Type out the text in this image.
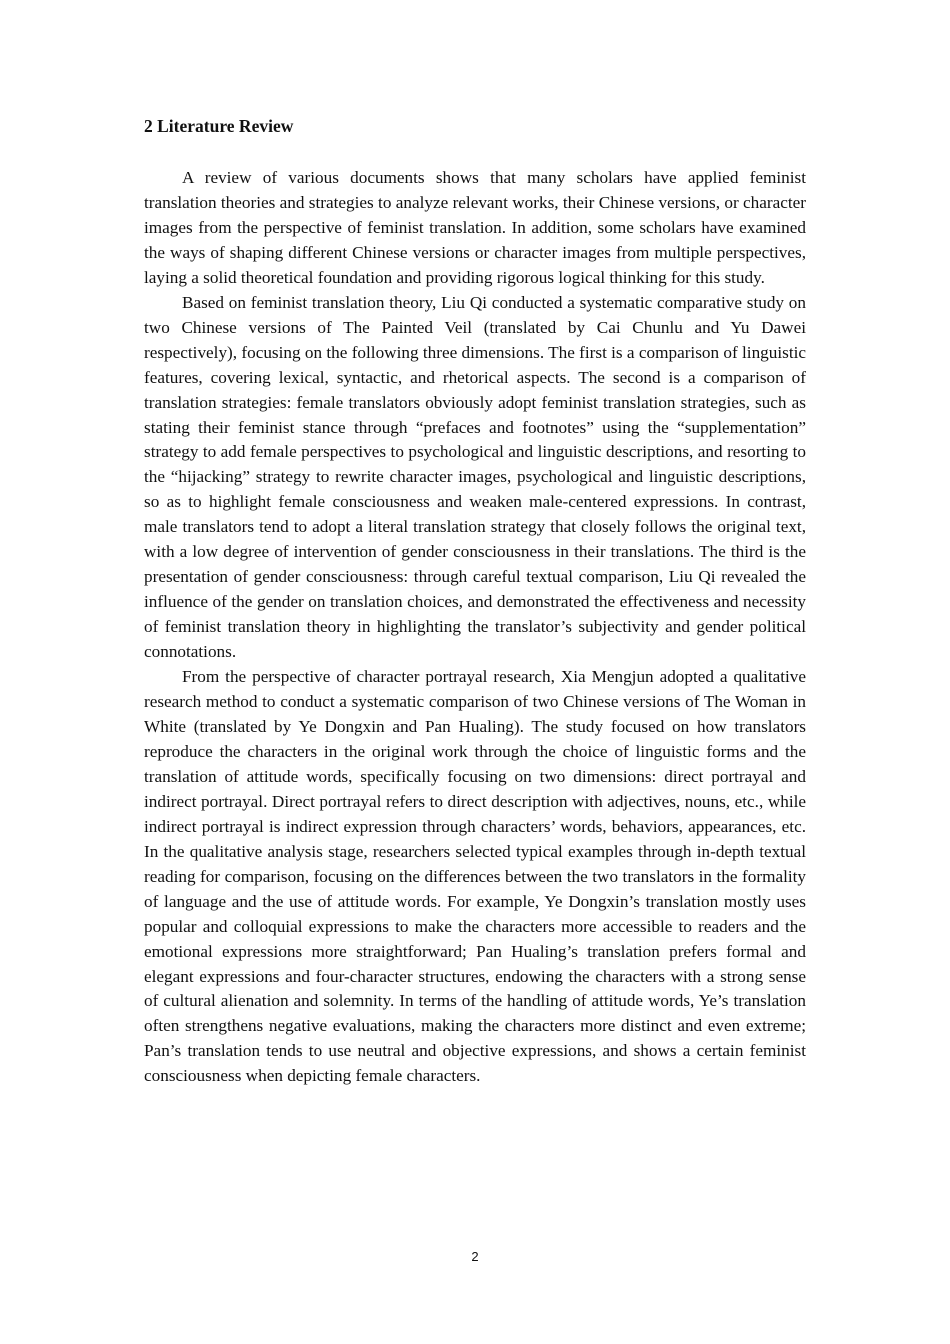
2 Literature Review

A review of various documents shows that many scholars have applied feminist translation theories and strategies to analyze relevant works, their Chinese versions, or character images from the perspective of feminist translation. In addition, some scholars have examined the ways of shaping different Chinese versions or character images from multiple perspectives, laying a solid theoretical foundation and providing rigorous logical thinking for this study.

Based on feminist translation theory, Liu Qi conducted a systematic comparative study on two Chinese versions of The Painted Veil (translated by Cai Chunlu and Yu Dawei respectively), focusing on the following three dimensions. The first is a comparison of linguistic features, covering lexical, syntactic, and rhetorical aspects. The second is a comparison of translation strategies: female translators obviously adopt feminist translation strategies, such as stating their feminist stance through “prefaces and footnotes” using the “supplementation” strategy to add female perspectives to psychological and linguistic descriptions, and resorting to the “hijacking” strategy to rewrite character images, psychological and linguistic descriptions, so as to highlight female consciousness and weaken male-centered expressions. In contrast, male translators tend to adopt a literal translation strategy that closely follows the original text, with a low degree of intervention of gender consciousness in their translations. The third is the presentation of gender consciousness: through careful textual comparison, Liu Qi revealed the influence of the gender on translation choices, and demonstrated the effectiveness and necessity of feminist translation theory in highlighting the translator’s subjectivity and gender political connotations.

From the perspective of character portrayal research, Xia Mengjun adopted a qualitative research method to conduct a systematic comparison of two Chinese versions of The Woman in White (translated by Ye Dongxin and Pan Hualing). The study focused on how translators reproduce the characters in the original work through the choice of linguistic forms and the translation of attitude words, specifically focusing on two dimensions: direct portrayal and indirect portrayal. Direct portrayal refers to direct description with adjectives, nouns, etc., while indirect portrayal is indirect expression through characters’ words, behaviors, appearances, etc. In the qualitative analysis stage, researchers selected typical examples through in-depth textual reading for comparison, focusing on the differences between the two translators in the formality of language and the use of attitude words. For example, Ye Dongxin’s translation mostly uses popular and colloquial expressions to make the characters more accessible to readers and the emotional expressions more straightforward; Pan Hualing’s translation prefers formal and elegant expressions and four-character structures, endowing the characters with a strong sense of cultural alienation and solemnity. In terms of the handling of attitude words, Ye’s translation often strengthens negative evaluations, making the characters more distinct and even extreme; Pan’s translation tends to use neutral and objective expressions, and shows a certain feminist consciousness when depicting female characters.

2
